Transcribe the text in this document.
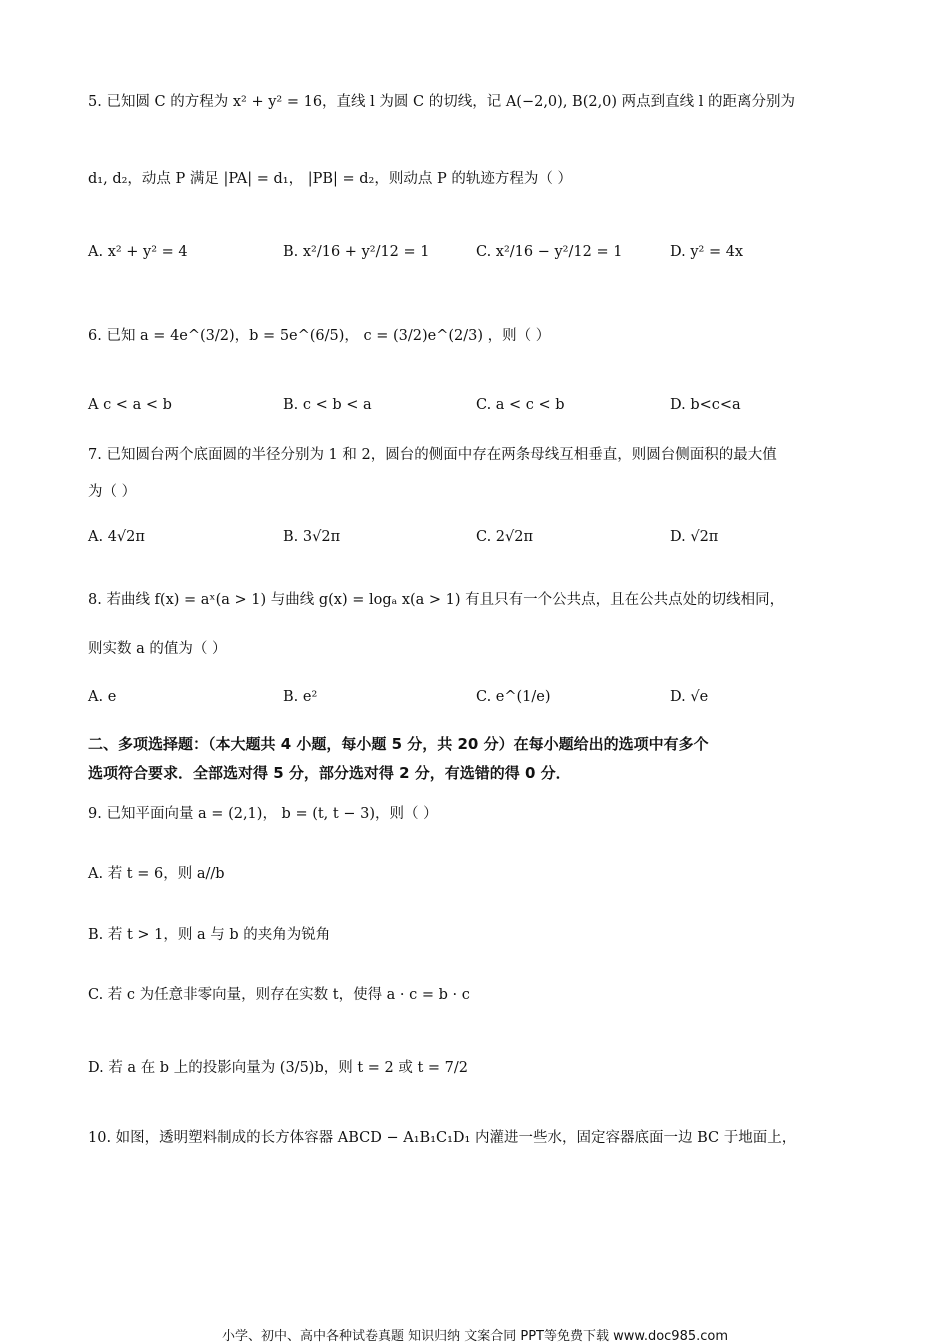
5. 已知圆 C 的方程为 x² + y² = 16，直线 l 为圆 C 的切线，记 A(−2,0), B(2,0) 两点到直线 l 的距离分别为
d₁, d₂，动点 P 满足 |PA| = d₁， |PB| = d₂，则动点 P 的轨迹方程为（ ）
A. x² + y² = 4	B. x²/16 + y²/12 = 1	C. x²/16 − y²/12 = 1	D. y² = 4x
6. 已知 a = 4e^(3/2)，b = 5e^(6/5)， c = (3/2)e^(2/3) ，则（ ）
A c < a < b	B. c < b < a	C. a < c < b	D. b<c<a
7. 已知圆台两个底面圆的半径分别为 1 和 2，圆台的侧面中存在两条母线互相垂直，则圆台侧面积的最大值
为（ ）
A. 4√2π	B. 3√2π	C. 2√2π	D. √2π
8. 若曲线 f(x) = aˣ(a > 1) 与曲线 g(x) = logₐ x(a > 1) 有且只有一个公共点，且在公共点处的切线相同，
则实数 a 的值为（ ）
A. e	B. e²	C. e^(1/e)	D. √e
二、多项选择题：（本大题共 4 小题，每小题 5 分，共 20 分）在每小题给出的选项中有多个
选项符合要求．全部选对得 5 分，部分选对得 2 分，有选错的得 0 分．
9. 已知平面向量 a = (2,1)， b = (t, t − 3)，则（ ）
A. 若 t = 6，则 a//b
B. 若 t > 1，则 a 与 b 的夹角为锐角
C. 若 c 为任意非零向量，则存在实数 t，使得 a · c = b · c
D. 若 a 在 b 上的投影向量为 (3/5)b，则 t = 2 或 t = 7/2
10. 如图，透明塑料制成的长方体容器 ABCD − A₁B₁C₁D₁ 内灌进一些水，固定容器底面一边 BC 于地面上，
小学、初中、高中各种试卷真题 知识归纳 文案合同 PPT等免费下载 www.doc985.com
